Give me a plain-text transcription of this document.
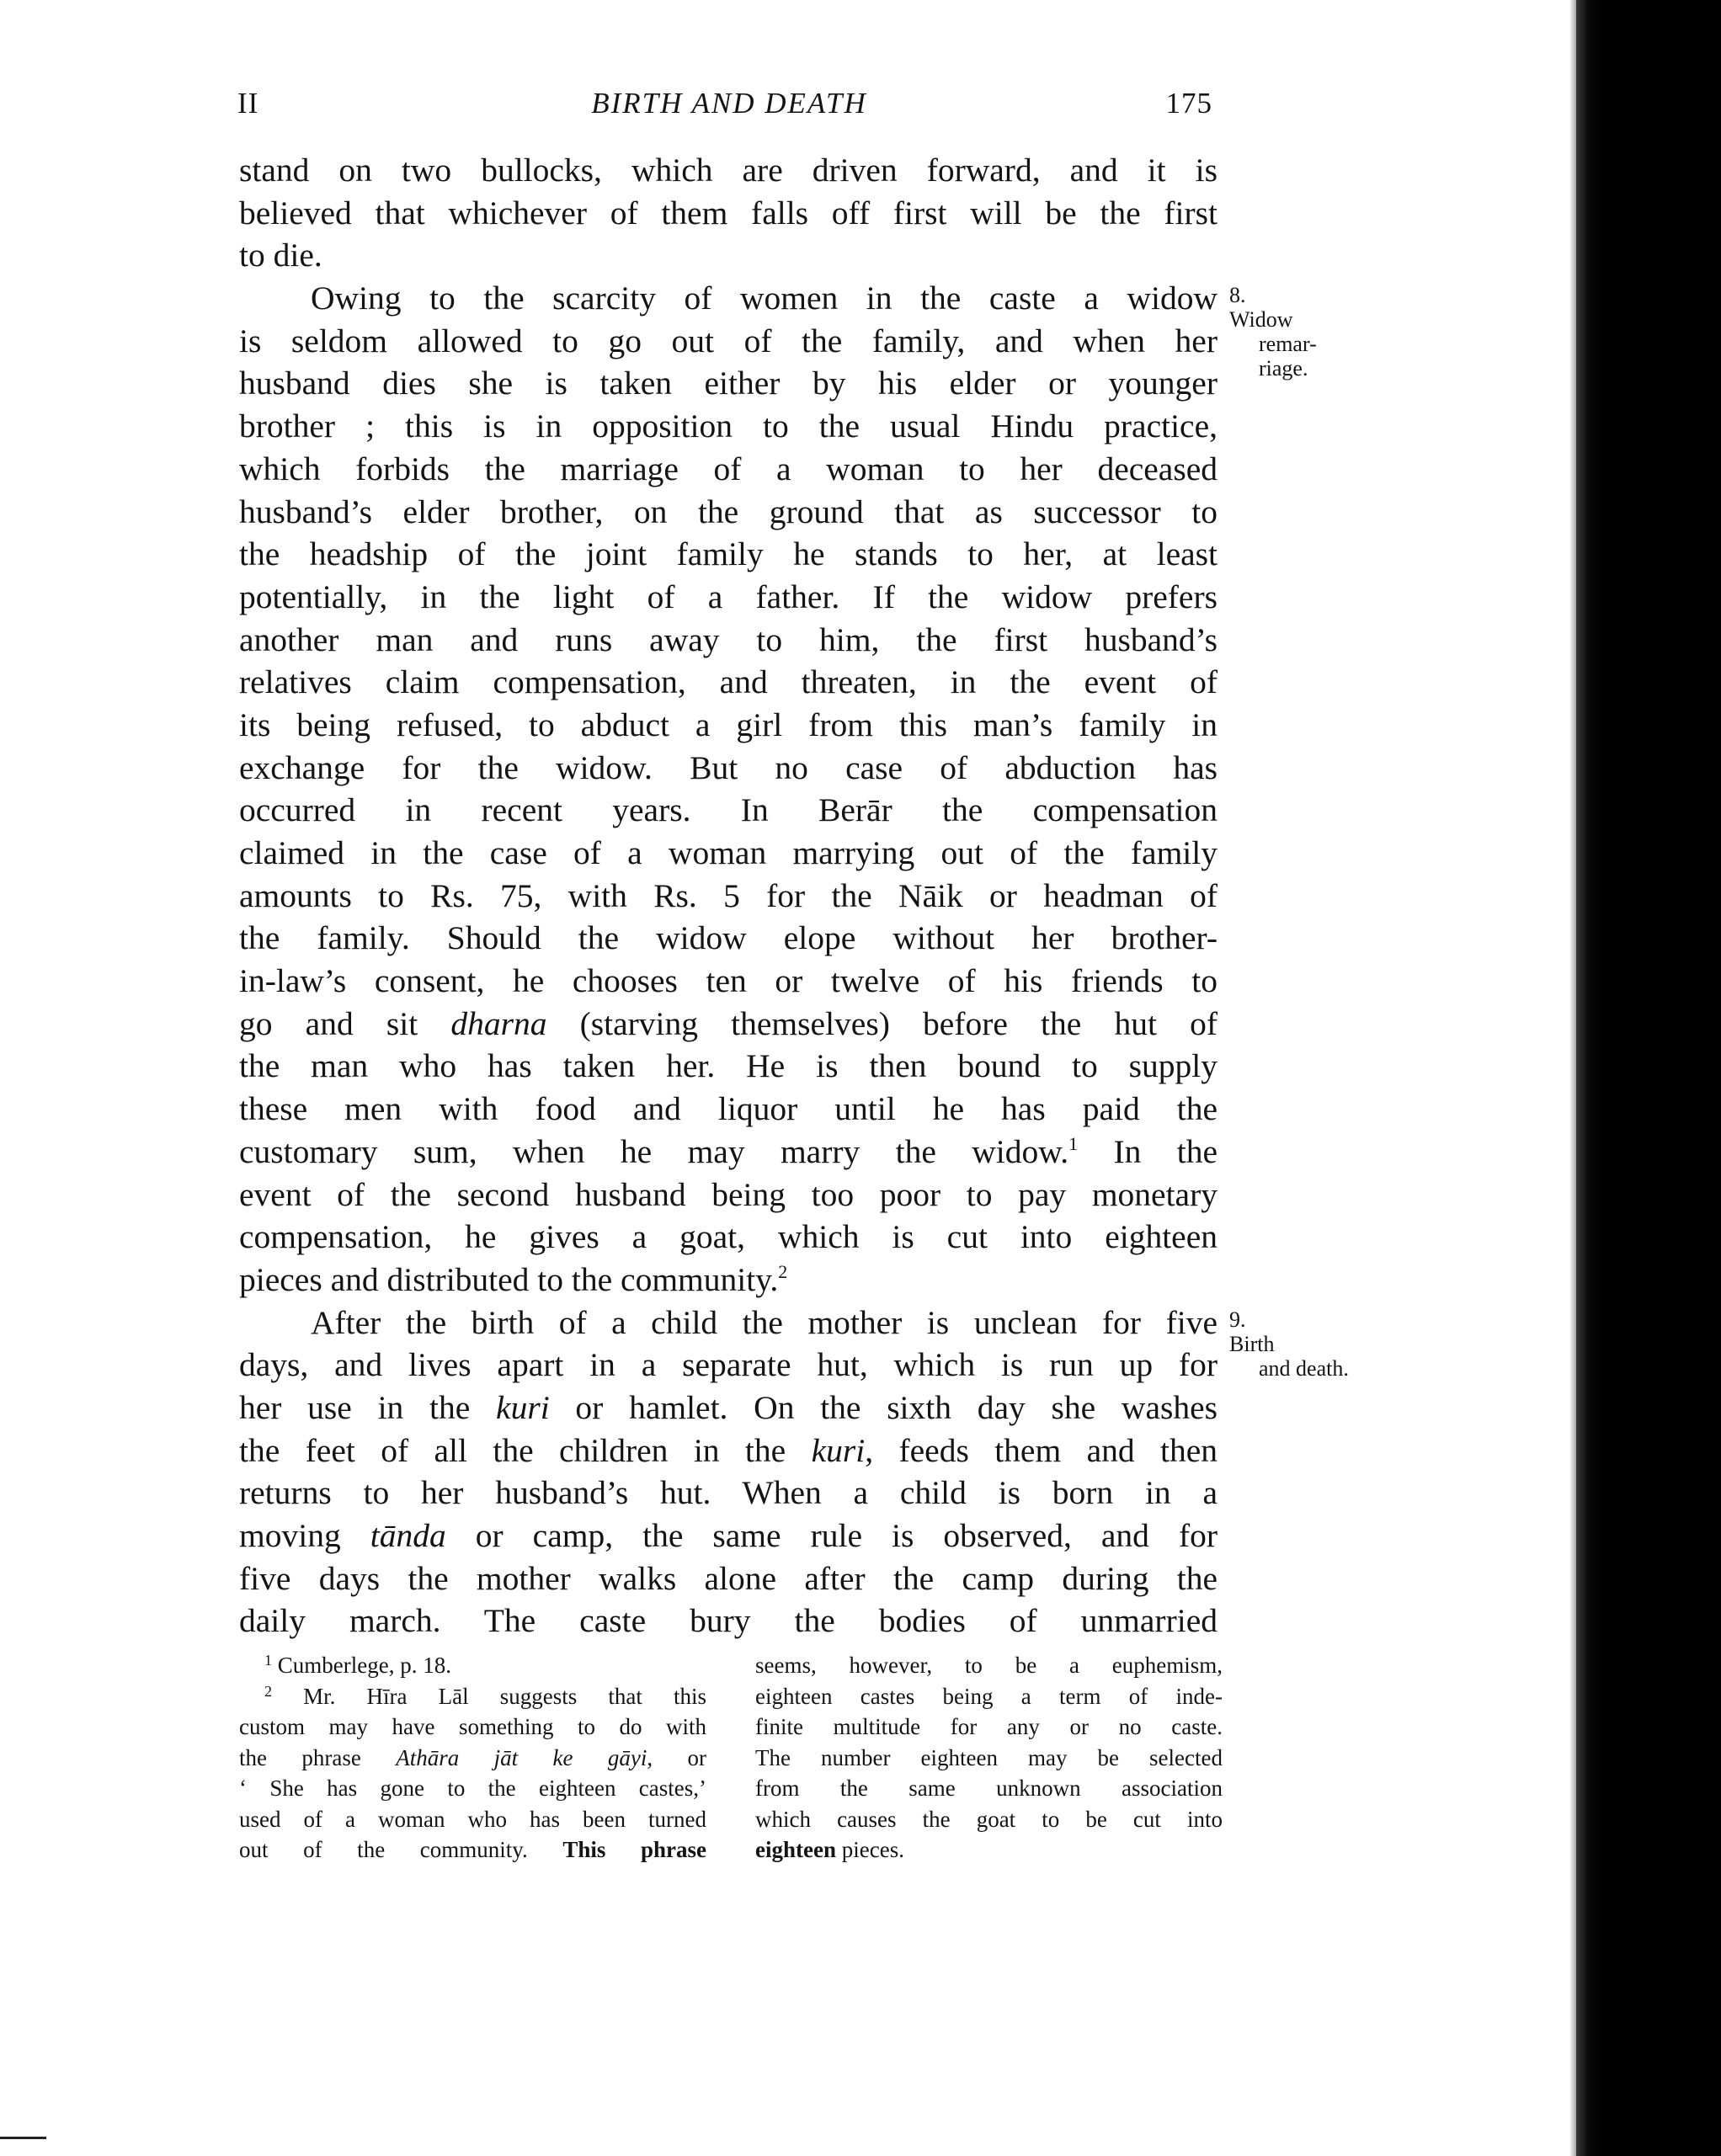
II	BIRTH AND DEATH	175
stand on two bullocks, which are driven forward, and it is
believed that whichever of them falls off first will be the first
to die.
Owing to the scarcity of women in the caste a widow
is seldom allowed to go out of the family, and when her
husband dies she is taken either by his elder or younger
brother ; this is in opposition to the usual Hindu practice,
which forbids the marriage of a woman to her deceased
husband’s elder brother, on the ground that as successor to
the headship of the joint family he stands to her, at least
potentially, in the light of a father. If the widow prefers
another man and runs away to him, the first husband’s
relatives claim compensation, and threaten, in the event of
its being refused, to abduct a girl from this man’s family in
exchange for the widow. But no case of abduction has
occurred in recent years. In Berār the compensation
claimed in the case of a woman marrying out of the family
amounts to Rs. 75, with Rs. 5 for the Nāik or headman of
the family. Should the widow elope without her brother-
in-law’s consent, he chooses ten or twelve of his friends to
go and sit dharna (starving themselves) before the hut of
the man who has taken her. He is then bound to supply
these men with food and liquor until he has paid the
customary sum, when he may marry the widow.$^1$ In the
event of the second husband being too poor to pay monetary
compensation, he gives a goat, which is cut into eighteen
pieces and distributed to the community.$^2$
After the birth of a child the mother is unclean for five
days, and lives apart in a separate hut, which is run up for
her use in the kuri or hamlet. On the sixth day she washes
the feet of all the children in the kuri, feeds them and then
returns to her husband’s hut. When a child is born in a
moving tānda or camp, the same rule is observed, and for
five days the mother walks alone after the camp during the
daily march. The caste bury the bodies of unmarried
8.
Widow
remar-
riage.
9.
Birth
and death.
$^1$ Cumberlege, p. 18.
$^2$ Mr. Hīra Lāl suggests that this
custom may have something to do with
the phrase Athāra jāt ke gāyi, or
‘ She has gone to the eighteen castes,’
used of a woman who has been turned
out of the community. This phrase
seems, however, to be a euphemism,
eighteen castes being a term of inde-
finite multitude for any or no caste.
The number eighteen may be selected
from the same unknown association
which causes the goat to be cut into
eighteen pieces.
